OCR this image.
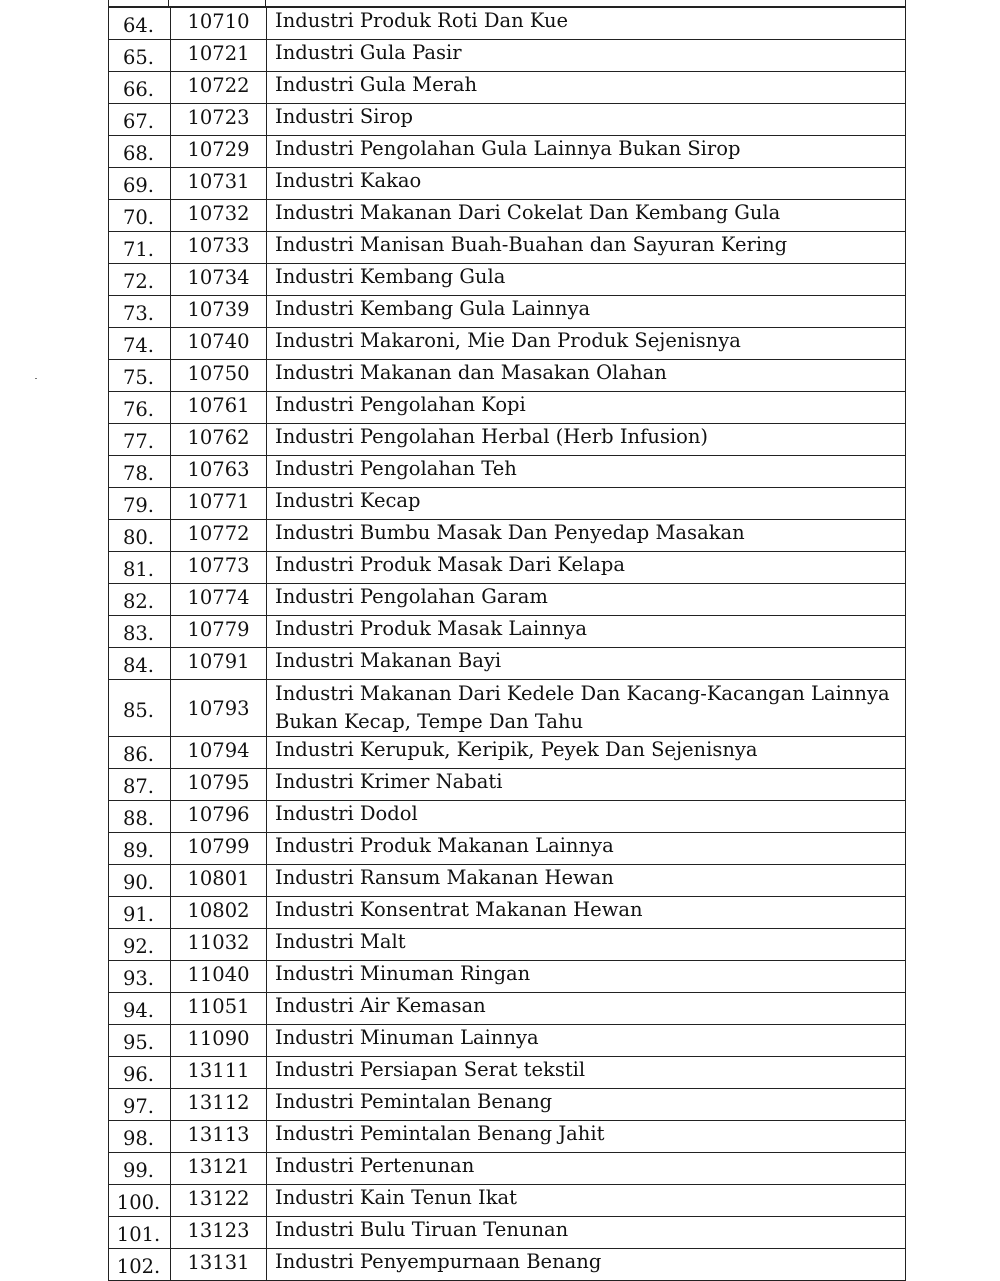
64.	10710	Industri Produk Roti Dan Kue
65.	10721	Industri Gula Pasir
66.	10722	Industri Gula Merah
67.	10723	Industri Sirop
68.	10729	Industri Pengolahan Gula Lainnya Bukan Sirop
69.	10731	Industri Kakao
70.	10732	Industri Makanan Dari Cokelat Dan Kembang Gula
71.	10733	Industri Manisan Buah-Buahan dan Sayuran Kering
72.	10734	Industri Kembang Gula
73.	10739	Industri Kembang Gula Lainnya
74.	10740	Industri Makaroni, Mie Dan Produk Sejenisnya
75.	10750	Industri Makanan dan Masakan Olahan
76.	10761	Industri Pengolahan Kopi
77.	10762	Industri Pengolahan Herbal (Herb Infusion)
78.	10763	Industri Pengolahan Teh
79.	10771	Industri Kecap
80.	10772	Industri Bumbu Masak Dan Penyedap Masakan
81.	10773	Industri Produk Masak Dari Kelapa
82.	10774	Industri Pengolahan Garam
83.	10779	Industri Produk Masak Lainnya
84.	10791	Industri Makanan Bayi
85.	10793	Industri Makanan Dari Kedele Dan Kacang-Kacangan Lainnya
Bukan Kecap, Tempe Dan Tahu

86.	10794	Industri Kerupuk, Keripik, Peyek Dan Sejenisnya
87.	10795	Industri Krimer Nabati
88.	10796	Industri Dodol
89.	10799	Industri Produk Makanan Lainnya
90.	10801	Industri Ransum Makanan Hewan
91.	10802	Industri Konsentrat Makanan Hewan
92.	11032	Industri Malt
93.	11040	Industri Minuman Ringan
94.	11051	Industri Air Kemasan
95.	11090	Industri Minuman Lainnya
96.	13111	Industri Persiapan Serat tekstil
97.	13112	Industri Pemintalan Benang
98.	13113	Industri Pemintalan Benang Jahit
99.	13121	Industri Pertenunan
100.	13122	Industri Kain Tenun Ikat
101.	13123	Industri Bulu Tiruan Tenunan
102.	13131	Industri Penyempurnaan Benang
